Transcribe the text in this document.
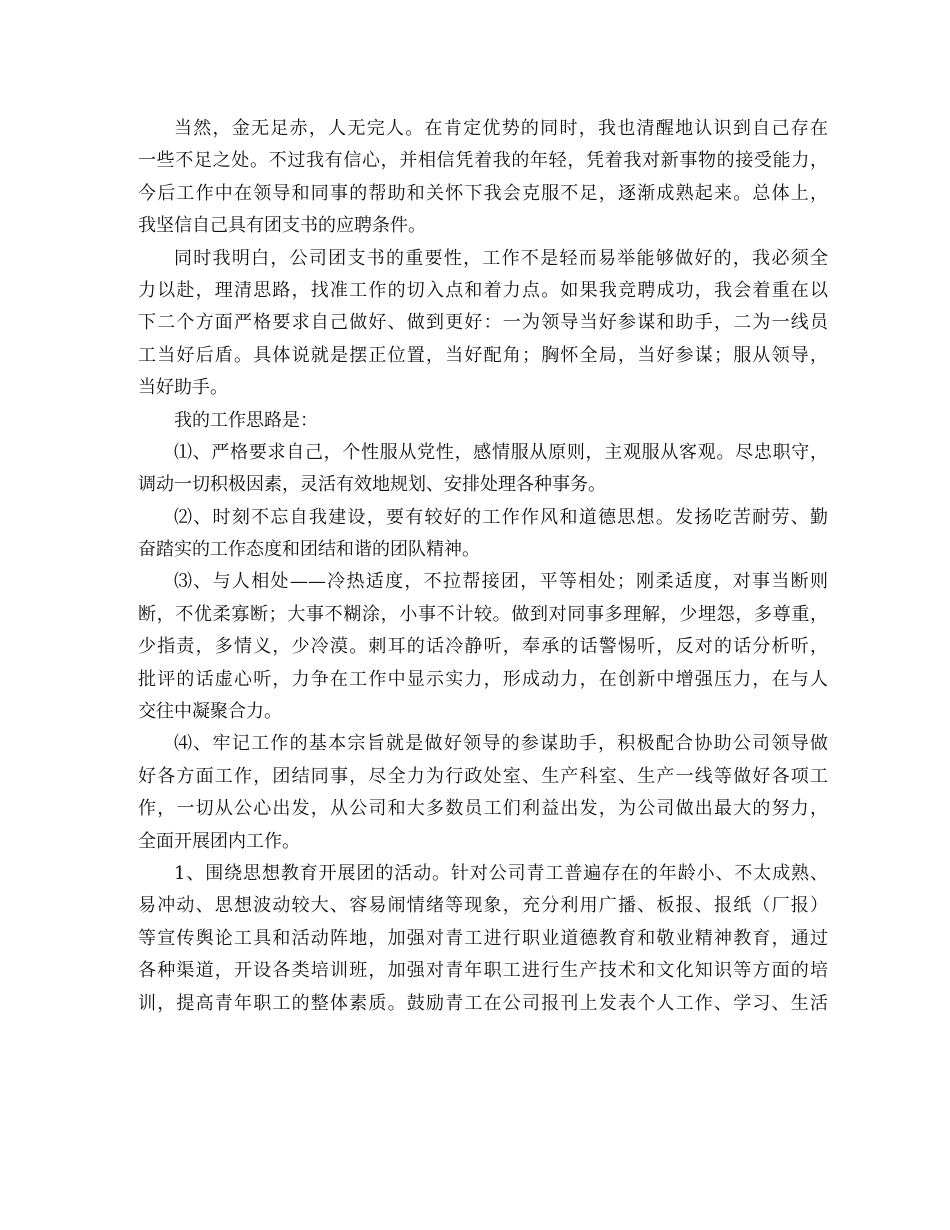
当然，金无足赤，人无完人。在肯定优势的同时，我也清醒地认识到自己存在
一些不足之处。不过我有信心，并相信凭着我的年轻，凭着我对新事物的接受能力，
今后工作中在领导和同事的帮助和关怀下我会克服不足，逐渐成熟起来。总体上，
我坚信自己具有团支书的应聘条件。
同时我明白，公司团支书的重要性，工作不是轻而易举能够做好的，我必须全
力以赴，理清思路，找准工作的切入点和着力点。如果我竞聘成功，我会着重在以
下二个方面严格要求自己做好、做到更好：一为领导当好参谋和助手，二为一线员
工当好后盾。具体说就是摆正位置，当好配角；胸怀全局，当好参谋；服从领导，
当好助手。
我的工作思路是：
⑴、严格要求自己，个性服从党性，感情服从原则，主观服从客观。尽忠职守，
调动一切积极因素，灵活有效地规划、安排处理各种事务。
⑵、时刻不忘自我建设，要有较好的工作作风和道德思想。发扬吃苦耐劳、勤
奋踏实的工作态度和团结和谐的团队精神。
⑶、与人相处——冷热适度，不拉帮接团，平等相处；刚柔适度，对事当断则
断，不优柔寡断；大事不糊涂，小事不计较。做到对同事多理解，少埋怨，多尊重，
少指责，多情义，少冷漠。刺耳的话冷静听，奉承的话警惕听，反对的话分析听，
批评的话虚心听，力争在工作中显示实力，形成动力，在创新中增强压力，在与人
交往中凝聚合力。
⑷、牢记工作的基本宗旨就是做好领导的参谋助手，积极配合协助公司领导做
好各方面工作，团结同事，尽全力为行政处室、生产科室、生产一线等做好各项工
作，一切从公心出发，从公司和大多数员工们利益出发，为公司做出最大的努力，
全面开展团内工作。
1、围绕思想教育开展团的活动。针对公司青工普遍存在的年龄小、不太成熟、
易冲动、思想波动较大、容易闹情绪等现象，充分利用广播、板报、报纸（厂报）
等宣传舆论工具和活动阵地，加强对青工进行职业道德教育和敬业精神教育，通过
各种渠道，开设各类培训班，加强对青年职工进行生产技术和文化知识等方面的培
训，提高青年职工的整体素质。鼓励青工在公司报刊上发表个人工作、学习、生活
